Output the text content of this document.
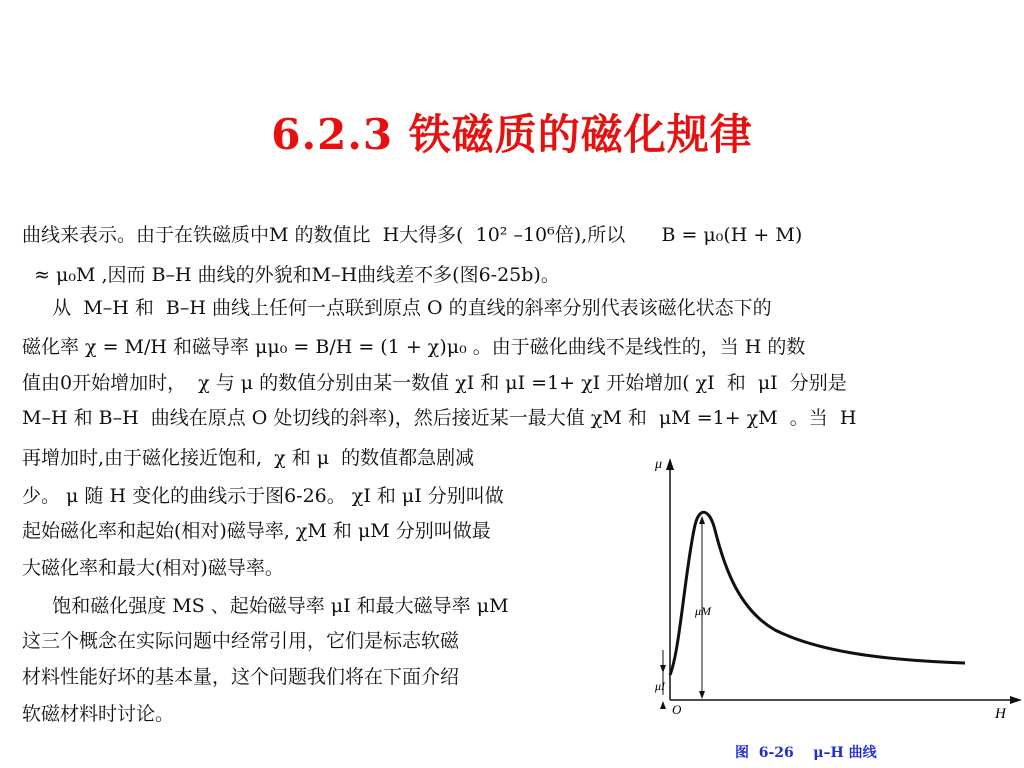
6.2.3 铁磁质的磁化规律
曲线来表示。由于在铁磁质中M 的数值比  H大得多(  10² –10⁶倍),所以      B = μ₀(H + M)
≈ μ₀M ,因而 B–H 曲线的外貌和M–H曲线差不多(图6-25b)。
从  M–H 和  B–H 曲线上任何一点联到原点 O 的直线的斜率分别代表该磁化状态下的
磁化率 χ = M/H 和磁导率 μμ₀ = B/H = (1 + χ)μ₀ 。由于磁化曲线不是线性的，当 H 的数
值由0开始增加时，  χ 与 μ 的数值分别由某一数值 χI 和 μI =1+ χI 开始增加( χI  和  μI  分别是
M–H 和 B–H  曲线在原点 O 处切线的斜率)，然后接近某一最大值 χM 和  μM =1+ χM  。当  H
再增加时,由于磁化接近饱和,  χ 和 μ  的数值都急剧减
少。 μ 随 H 变化的曲线示于图6-26。 χI 和 μI 分别叫做
起始磁化率和起始(相对)磁导率, χM 和 μM 分别叫做最
大磁化率和最大(相对)磁导率。
饱和磁化强度 MS 、起始磁导率 μI 和最大磁导率 μM
这三个概念在实际问题中经常引用，它们是标志软磁
材料性能好坏的基本量，这个问题我们将在下面介绍
软磁材料时讨论。
μ
H
O
μM
μI
图  6-26    μ–H 曲线
